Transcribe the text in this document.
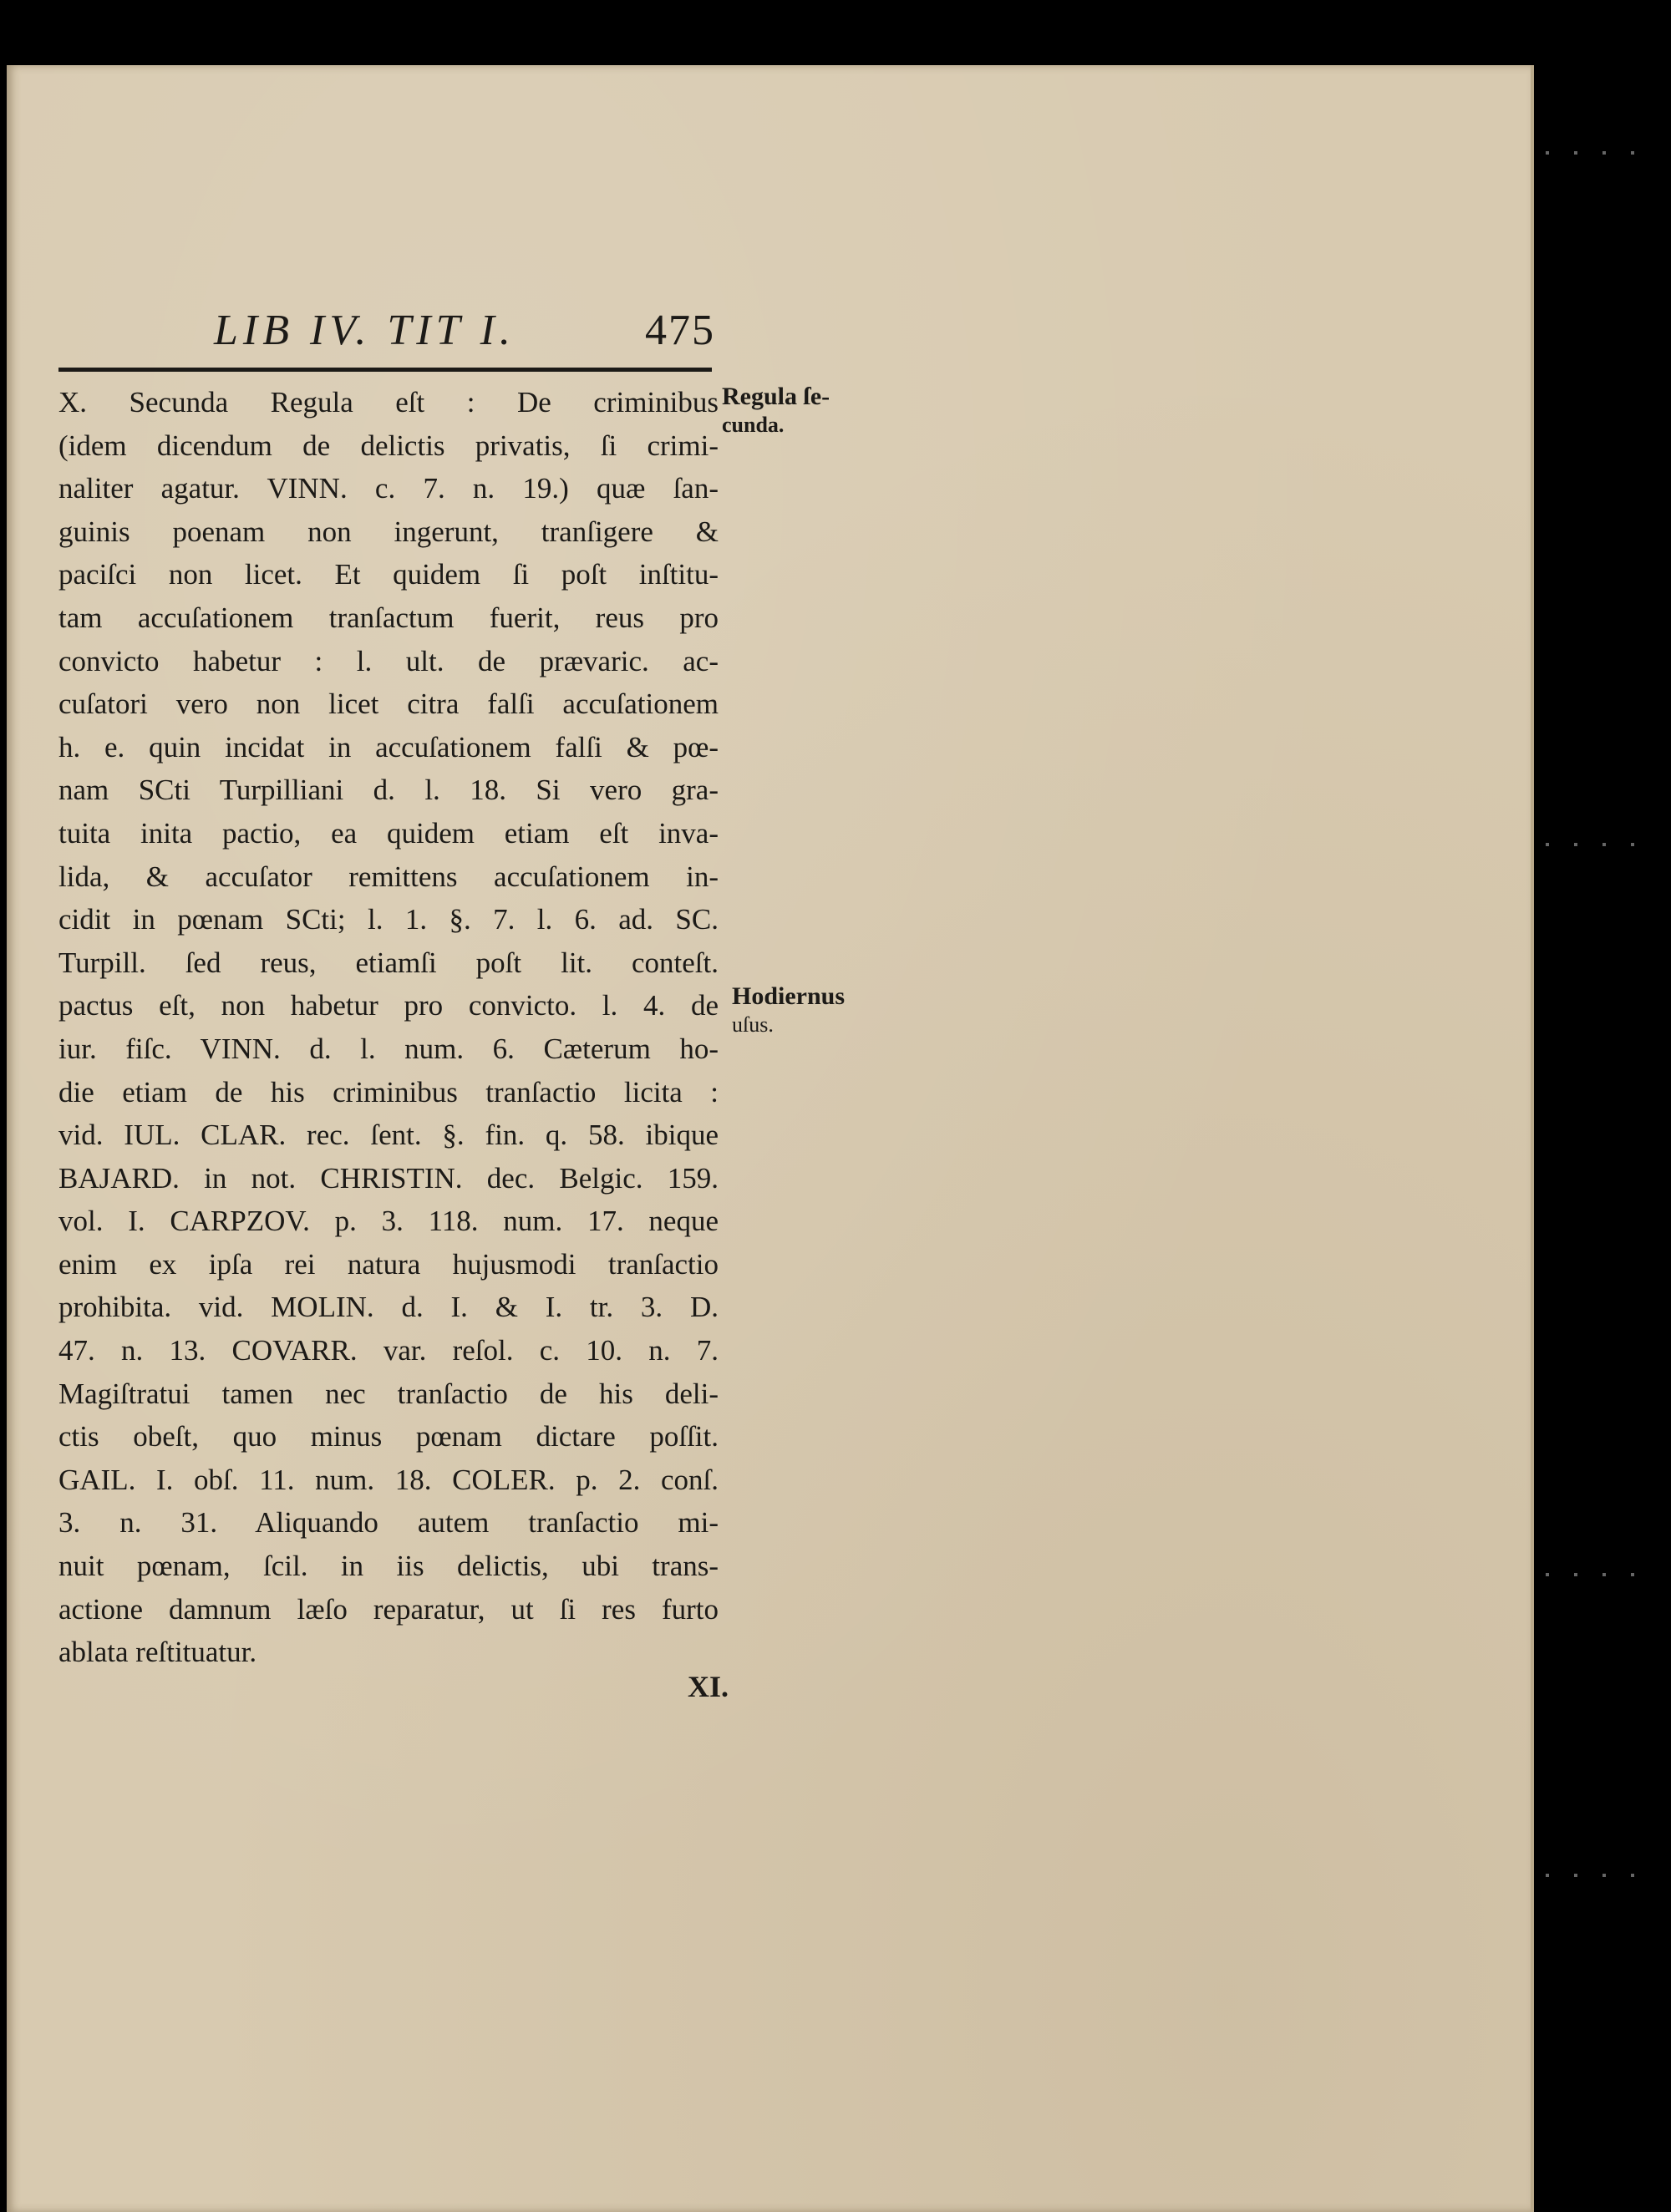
LIB IV. TIT I.	475
X. Secunda Regula eſt : De criminibus
(idem dicendum de delictis privatis, ſi crimi-
naliter agatur. VINN. c. 7. n. 19.) quæ ſan-
guinis poenam non ingerunt, tranſigere &
paciſci non licet. Et quidem ſi poſt inſtitu-
tam accuſationem tranſactum fuerit, reus pro
convicto habetur : l. ult. de prævaric. ac-
cuſatori vero non licet citra falſi accuſationem
h. e. quin incidat in accuſationem falſi & pœ-
nam SCti Turpilliani d. l. 18. Si vero gra-
tuita inita pactio, ea quidem etiam eſt inva-
lida, & accuſator remittens accuſationem in-
cidit in pœnam SCti; l. 1. §. 7. l. 6. ad. SC.
Turpill. ſed reus, etiamſi poſt lit. conteſt.
pactus eſt, non habetur pro convicto. l. 4. de
iur. fiſc. VINN. d. l. num. 6. Cæterum ho-
die etiam de his criminibus tranſactio licita :
vid. IUL. CLAR. rec. ſent. §. fin. q. 58. ibique
BAJARD. in not. CHRISTIN. dec. Belgic. 159.
vol. I. CARPZOV. p. 3. 118. num. 17. neque
enim ex ipſa rei natura hujusmodi tranſactio
prohibita. vid. MOLIN. d. I. & I. tr. 3. D.
47. n. 13. COVARR. var. reſol. c. 10. n. 7.
Magiſtratui tamen nec tranſactio de his deli-
ctis obeſt, quo minus pœnam dictare poſſit.
GAIL. I. obſ. 11. num. 18. COLER. p. 2. conſ.
3. n. 31. Aliquando autem tranſactio mi-
nuit pœnam, ſcil. in iis delictis, ubi trans-
actione damnum læſo reparatur, ut ſi res furto
ablata reſtituatur.
Regula ſe-
cunda.
Hodiernus
uſus.
XI.
